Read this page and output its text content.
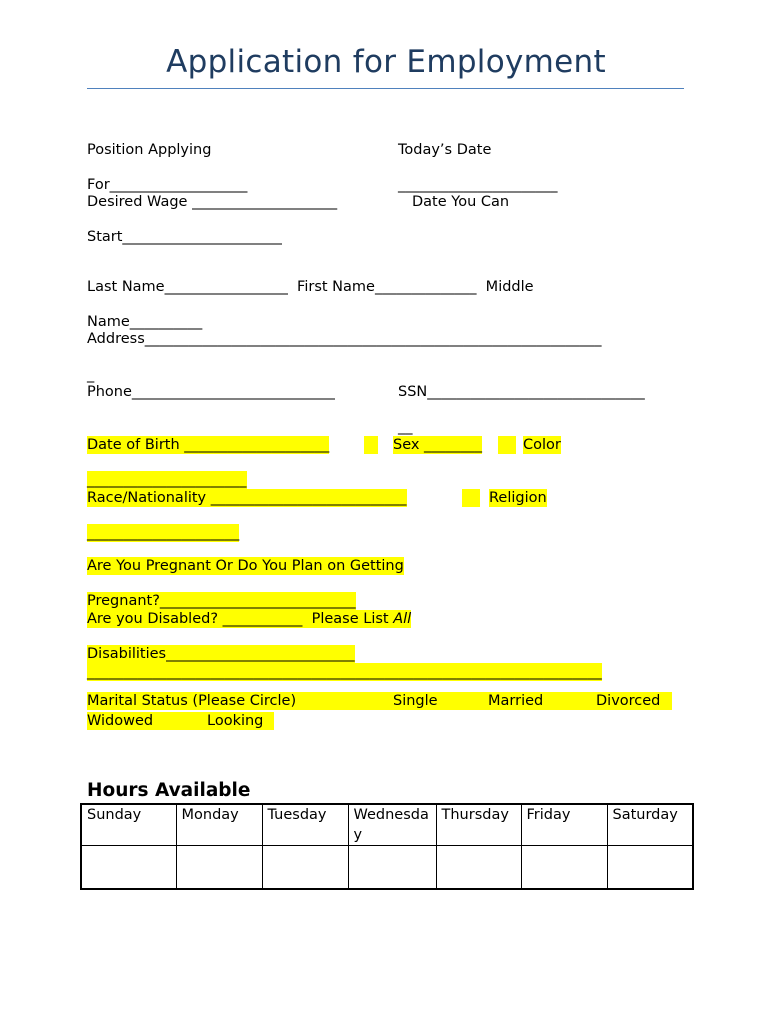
Application for Employment
Position Applying	Today’s Date
For___________________	______________________
Desired Wage ____________________	Date You Can
Start______________________
Last Name_________________  First Name______________  Middle
Name__________
Address_______________________________________________________________
_
Phone____________________________	SSN______________________________
__
Date of Birth ____________________
	Sex ________
	Color
______________________
Race/Nationality ___________________________
	Religion
_____________________
Are You Pregnant Or Do You Plan on Getting
Pregnant?___________________________
Are you Disabled? ___________  Please List All
Disabilities__________________________
_______________________________________________________________________

Marital Status (Please Circle)	Single	Married	Divorced

Widowed	Looking
Hours Available
Sunday	Monday	Tuesday	Wednesday	Thursday	Friday	Saturday
